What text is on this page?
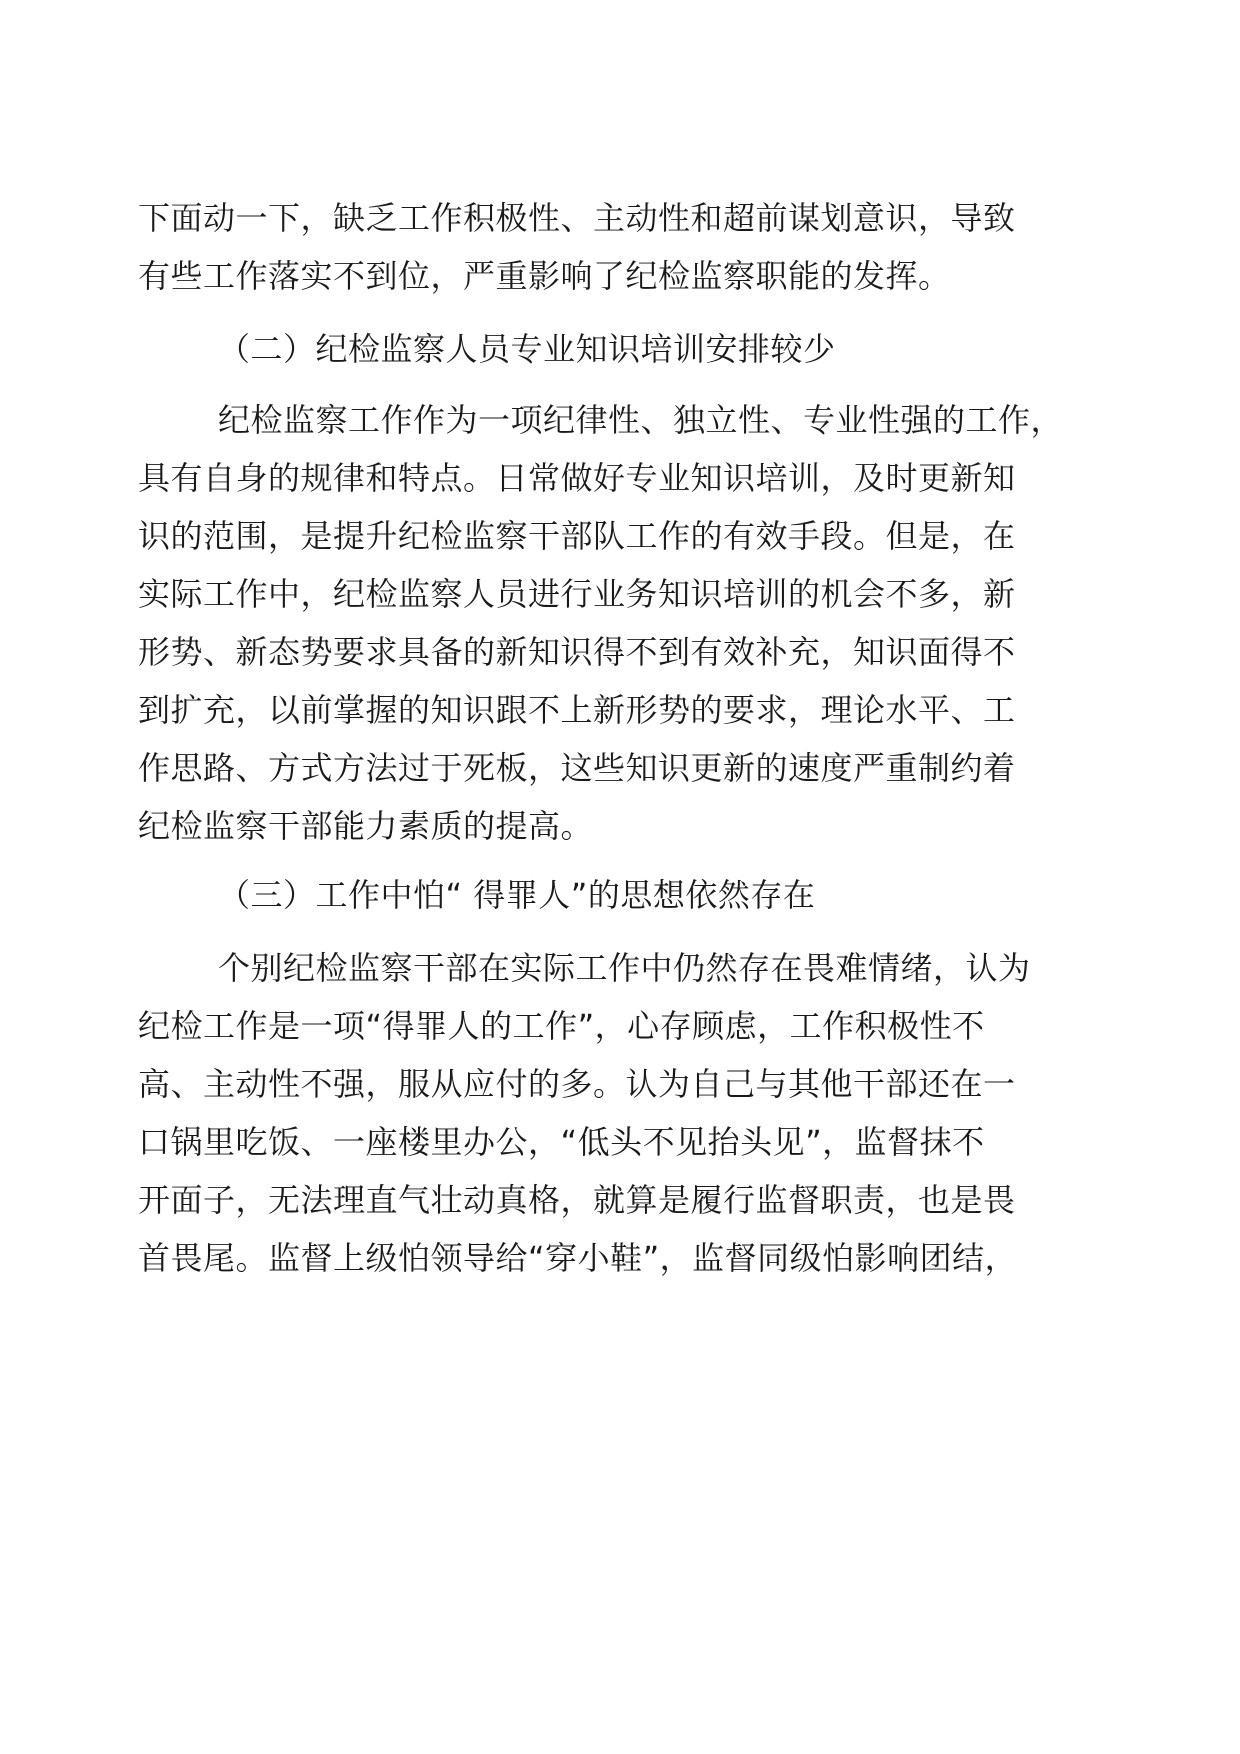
下面动一下，缺乏工作积极性、主动性和超前谋划意识，导致

有些工作落实不到位，严重影响了纪检监察职能的发挥。

（二）纪检监察人员专业知识培训安排较少

纪检监察工作作为一项纪律性、独立性、专业性强的工作，

具有自身的规律和特点。日常做好专业知识培训，及时更新知

识的范围，是提升纪检监察干部队工作的有效手段。但是，在

实际工作中，纪检监察人员进行业务知识培训的机会不多，新

形势、新态势要求具备的新知识得不到有效补充，知识面得不

到扩充，以前掌握的知识跟不上新形势的要求，理论水平、工

作思路、方式方法过于死板，这些知识更新的速度严重制约着

纪检监察干部能力素质的提高。

（三）工作中怕“ 得罪人”的思想依然存在

个别纪检监察干部在实际工作中仍然存在畏难情绪，认为

纪检工作是一项“得罪人的工作”，心存顾虑，工作积极性不

高、主动性不强，服从应付的多。认为自己与其他干部还在一

口锅里吃饭、一座楼里办公，“低头不见抬头见”，监督抹不

开面子，无法理直气壮动真格，就算是履行监督职责，也是畏

首畏尾。监督上级怕领导给“穿小鞋”，监督同级怕影响团结，
